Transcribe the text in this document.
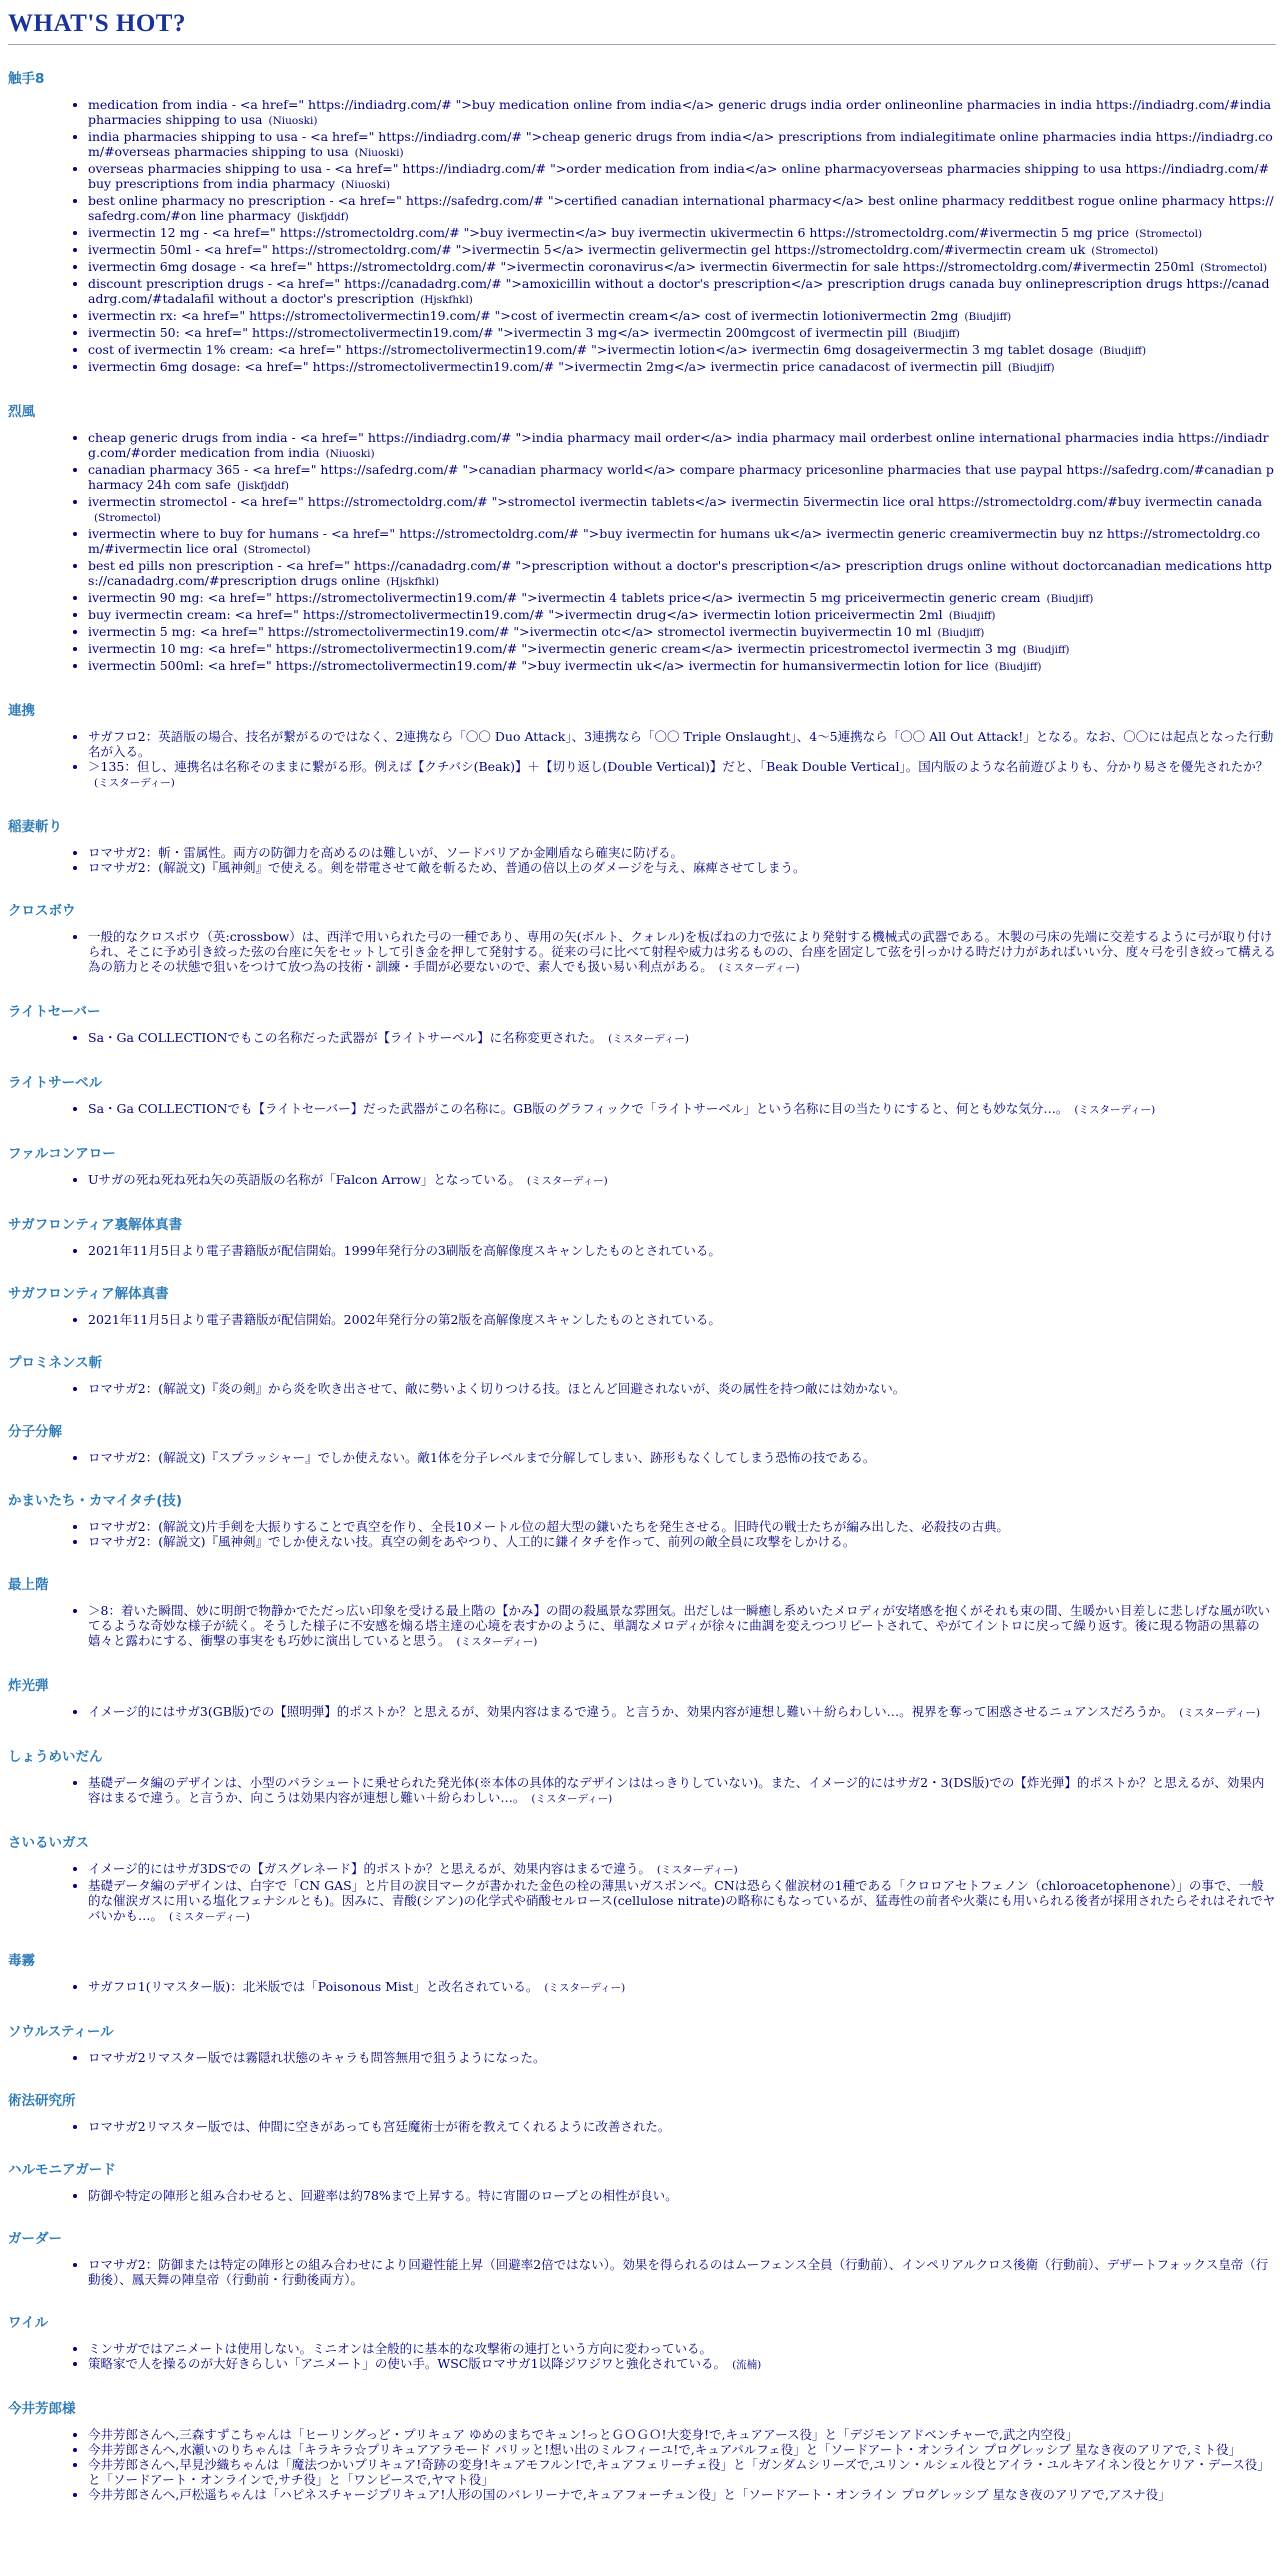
WHAT'S HOT?
触手8
• medication from india - <a href=" https://indiadrg.com/# ">buy medication online from india</a> generic drugs india order onlineonline pharmacies in india https://indiadrg.com/#india pharmacies shipping to usa (Niuoski)
• india pharmacies shipping to usa - <a href=" https://indiadrg.com/# ">cheap generic drugs from india</a> prescriptions from indialegitimate online pharmacies india https://indiadrg.com/#overseas pharmacies shipping to usa (Niuoski)
• overseas pharmacies shipping to usa - <a href=" https://indiadrg.com/# ">order medication from india</a> online pharmacyoverseas pharmacies shipping to usa https://indiadrg.com/#buy prescriptions from india pharmacy (Niuoski)
• best online pharmacy no prescription - <a href=" https://safedrg.com/# ">certified canadian international pharmacy</a> best online pharmacy redditbest rogue online pharmacy https://safedrg.com/#on line pharmacy (Jiskfjddf)
• ivermectin 12 mg - <a href=" https://stromectoldrg.com/# ">buy ivermectin</a> buy ivermectin ukivermectin 6 https://stromectoldrg.com/#ivermectin 5 mg price (Stromectol)
• ivermectin 50ml - <a href=" https://stromectoldrg.com/# ">ivermectin 5</a> ivermectin gelivermectin gel https://stromectoldrg.com/#ivermectin cream uk (Stromectol)
• ivermectin 6mg dosage - <a href=" https://stromectoldrg.com/# ">ivermectin coronavirus</a> ivermectin 6ivermectin for sale https://stromectoldrg.com/#ivermectin 250ml (Stromectol)
• discount prescription drugs - <a href=" https://canadadrg.com/# ">amoxicillin without a doctor's prescription</a> prescription drugs canada buy onlineprescription drugs https://canadadrg.com/#tadalafil without a doctor's prescription (Hjskfhkl)
• ivermectin rx: <a href=" https://stromectolivermectin19.com/# ">cost of ivermectin cream</a> cost of ivermectin lotionivermectin 2mg (Biudjiff)
• ivermectin 50: <a href=" https://stromectolivermectin19.com/# ">ivermectin 3 mg</a> ivermectin 200mgcost of ivermectin pill (Biudjiff)
• cost of ivermectin 1% cream: <a href=" https://stromectolivermectin19.com/# ">ivermectin lotion</a> ivermectin 6mg dosageivermectin 3 mg tablet dosage (Biudjiff)
• ivermectin 6mg dosage: <a href=" https://stromectolivermectin19.com/# ">ivermectin 2mg</a> ivermectin price canadacost of ivermectin pill (Biudjiff)
烈風
• cheap generic drugs from india - <a href=" https://indiadrg.com/# ">india pharmacy mail order</a> india pharmacy mail orderbest online international pharmacies india https://indiadrg.com/#order medication from india (Niuoski)
• canadian pharmacy 365 - <a href=" https://safedrg.com/# ">canadian pharmacy world</a> compare pharmacy pricesonline pharmacies that use paypal https://safedrg.com/#canadian pharmacy 24h com safe (Jiskfjddf)
• ivermectin stromectol - <a href=" https://stromectoldrg.com/# ">stromectol ivermectin tablets</a> ivermectin 5ivermectin lice oral https://stromectoldrg.com/#buy ivermectin canada(Stromectol)
• ivermectin where to buy for humans - <a href=" https://stromectoldrg.com/# ">buy ivermectin for humans uk</a> ivermectin generic creamivermectin buy nz https://stromectoldrg.com/#ivermectin lice oral (Stromectol)
• best ed pills non prescription - <a href=" https://canadadrg.com/# ">prescription without a doctor's prescription</a> prescription drugs online without doctorcanadian medications https://canadadrg.com/#prescription drugs online (Hjskfhkl)
• ivermectin 90 mg: <a href=" https://stromectolivermectin19.com/# ">ivermectin 4 tablets price</a> ivermectin 5 mg priceivermectin generic cream (Biudjiff)
• buy ivermectin cream: <a href=" https://stromectolivermectin19.com/# ">ivermectin drug</a> ivermectin lotion priceivermectin 2ml (Biudjiff)
• ivermectin 5 mg: <a href=" https://stromectolivermectin19.com/# ">ivermectin otc</a> stromectol ivermectin buyivermectin 10 ml (Biudjiff)
• ivermectin 10 mg: <a href=" https://stromectolivermectin19.com/# ">ivermectin generic cream</a> ivermectin pricestromectol ivermectin 3 mg (Biudjiff)
• ivermectin 500ml: <a href=" https://stromectolivermectin19.com/# ">buy ivermectin uk</a> ivermectin for humansivermectin lotion for lice (Biudjiff)
連携
• サガフロ2：英語版の場合、技名が繋がるのではなく、2連携なら「〇〇 Duo Attack」、3連携なら「〇〇 Triple Onslaught」、4～5連携なら「〇〇 All Out Attack!」となる。なお、〇〇には起点となった行動名が入る。
• ＞135：但し、連携名は名称そのままに繋がる形。例えば【クチバシ(Beak)】＋【切り返し(Double Vertical)】だと、「Beak Double Vertical」。国内版のような名前遊びよりも、分かり易さを優先されたか？(ミスターディー)
稲妻斬り
• ロマサガ2：斬・雷属性。両方の防御力を高めるのは難しいが、ソードバリアか金剛盾なら確実に防げる。
• ロマサガ2：(解説文)『風神剣』で使える。剣を帯電させて敵を斬るため、普通の倍以上のダメージを与え、麻痺させてしまう。
クロスボウ
• 一般的なクロスボウ（英:crossbow）は、西洋で用いられた弓の一種であり、専用の矢(ボルト、クォレル)を板ばねの力で弦により発射する機械式の武器である。木製の弓床の先端に交差するように弓が取り付けられ、そこに予め引き絞った弦の台座に矢をセットして引き金を押して発射する。従来の弓に比べて射程や威力は劣るものの、台座を固定して弦を引っかける時だけ力があればいい分、度々弓を引き絞って構える為の筋力とその状態で狙いをつけて放つ為の技術・訓練・手間が必要ないので、素人でも扱い易い利点がある。 (ミスターディー)
ライトセーバー
• Sa・Ga COLLECTIONでもこの名称だった武器が【ライトサーベル】に名称変更された。 (ミスターディー)
ライトサーベル
• Sa・Ga COLLECTIONでも【ライトセーバー】だった武器がこの名称に。GB版のグラフィックで「ライトサーベル」という名称に目の当たりにすると、何とも妙な気分…。 (ミスターディー)
ファルコンアロー
• Uサガの死ね死ね死ね矢の英語版の名称が「Falcon Arrow」となっている。 (ミスターディー)
サガフロンティア裏解体真書
• 2021年11月5日より電子書籍版が配信開始。1999年発行分の3刷版を高解像度スキャンしたものとされている。
サガフロンティア解体真書
• 2021年11月5日より電子書籍版が配信開始。2002年発行分の第2版を高解像度スキャンしたものとされている。
プロミネンス斬
• ロマサガ2：(解説文)『炎の剣』から炎を吹き出させて、敵に勢いよく切りつける技。ほとんど回避されないが、炎の属性を持つ敵には効かない。
分子分解
• ロマサガ2：(解説文)『スプラッシャー』でしか使えない。敵1体を分子レベルまで分解してしまい、跡形もなくしてしまう恐怖の技である。
かまいたち・カマイタチ(技)
• ロマサガ2：(解説文)片手剣を大振りすることで真空を作り、全長10メートル位の超大型の鎌いたちを発生させる。旧時代の戦士たちが編み出した、必殺技の古典。
• ロマサガ2：(解説文)『風神剣』でしか使えない技。真空の剣をあやつり、人工的に鎌イタチを作って、前列の敵全員に攻撃をしかける。
最上階
• ＞8：着いた瞬間、妙に明朗で物静かでただっ広い印象を受ける最上階の【かみ】の間の殺風景な雰囲気。出だしは一瞬癒し系めいたメロディが安堵感を抱くがそれも束の間、生暖かい目差しに悲しげな風が吹いてるような奇妙な様子が続く。そうした様子に不安感を煽る塔主達の心境を表すかのように、単調なメロディが徐々に曲調を変えつつリピートされて、やがてイントロに戻って繰り返す。後に現る物語の黒幕の嬉々と露わにする、衝撃の事実をも巧妙に演出していると思う。 (ミスターディー)
炸光弾
• イメージ的にはサガ3(GB版)での【照明弾】的ポストか？と思えるが、効果内容はまるで違う。と言うか、効果内容が連想し難い＋紛らわしい…。視界を奪って困惑させるニュアンスだろうか。 (ミスターディー)
しょうめいだん
• 基礎データ編のデザインは、小型のパラシュートに乗せられた発光体(※本体の具体的なデザインははっきりしていない)。また、イメージ的にはサガ2・3(DS版)での【炸光弾】的ポストか？と思えるが、効果内容はまるで違う。と言うか、向こうは効果内容が連想し難い＋紛らわしい…。 (ミスターディー)
さいるいガス
• イメージ的にはサガ3DSでの【ガスグレネード】的ポストか？と思えるが、効果内容はまるで違う。 (ミスターディー)
• 基礎データ編のデザインは、白字で「CN GAS」と片目の涙目マークが書かれた金色の栓の薄黒いガスボンベ。CNは恐らく催涙材の1種である「クロロアセトフェノン（chloroacetophenone）」の事で、一般的な催涙ガスに用いる塩化フェナシルとも)。因みに、青酸(シアン)の化学式や硝酸セルロース(cellulose nitrate)の略称にもなっているが、猛毒性の前者や火薬にも用いられる後者が採用されたらそれはそれでヤバいかも…。 (ミスターディー)
毒霧
• サガフロ1(リマスター版)：北米版では「Poisonous Mist」と改名されている。 (ミスターディー)
ソウルスティール
• ロマサガ2リマスター版では霧隠れ状態のキャラも問答無用で狙うようになった。
術法研究所
• ロマサガ2リマスター版では、仲間に空きがあっても宮廷魔術士が術を教えてくれるように改善された。
ハルモニアガード
• 防御や特定の陣形と組み合わせると、回避率は約78%まで上昇する。特に宵闇のローブとの相性が良い。
ガーダー
• ロマサガ2：防御または特定の陣形との組み合わせにより回避性能上昇（回避率2倍ではない）。効果を得られるのはムーフェンス全員（行動前）、インペリアルクロス後衛（行動前）、デザートフォックス皇帝（行動後）、鳳天舞の陣皇帝（行動前・行動後両方）。
ワイル
• ミンサガではアニメートは使用しない。ミニオンは全般的に基本的な攻撃術の連打という方向に変わっている。
• 策略家で人を操るのが大好きらしい「アニメート」の使い手。WSC版ロマサガ1以降ジワジワと強化されている。 (流楠)
今井芳郎様
• 今井芳郎さんへ,三森すずこちゃんは「ヒーリングっど・プリキュア ゆめのまちでキュン!っとＧＯＧＯ!大変身!で,キュアアース役」と「デジモンアドベンチャーで,武之内空役」
• 今井芳郎さんへ,水瀬いのりちゃんは「キラキラ☆プリキュアアラモード パリッと!想い出のミルフィーユ!で,キュアパルフェ役」と「ソードアート・オンライン プログレッシブ 星なき夜のアリアで,ミト役」
• 今井芳郎さんへ,早見沙織ちゃんは「魔法つかいプリキュア!奇跡の変身!キュアモフルン!で,キュアフェリーチェ役」と「ガンダムシリーズで,ユリン・ルシェル役とアイラ・ユルキアイネン役とケリア・デース役」と「ソードアート・オンラインで,サチ役」と「ワンピースで,ヤマト役」
• 今井芳郎さんへ,戸松遥ちゃんは「ハピネスチャージプリキュア!人形の国のバレリーナで,キュアフォーチュン役」と「ソードアート・オンライン プログレッシブ 星なき夜のアリアで,アスナ役」
